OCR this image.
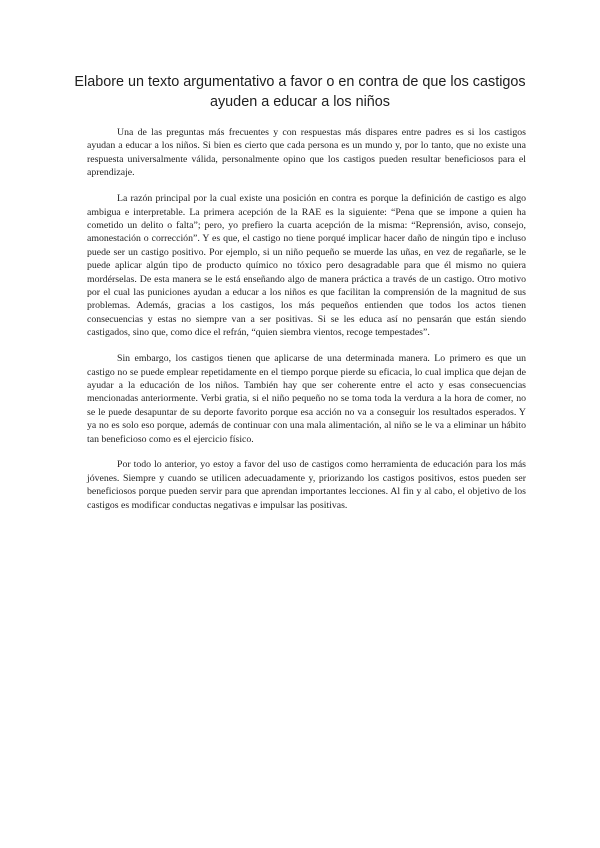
Elabore un texto argumentativo a favor o en contra de que los castigos ayuden a educar a los niños

Una de las preguntas más frecuentes y con respuestas más dispares entre padres es si los castigos ayudan a educar a los niños. Si bien es cierto que cada persona es un mundo y, por lo tanto, que no existe una respuesta universalmente válida, personalmente opino que los castigos pueden resultar beneficiosos para el aprendizaje.

La razón principal por la cual existe una posición en contra es porque la definición de castigo es algo ambigua e interpretable. La primera acepción de la RAE es la siguiente: “Pena que se impone a quien ha cometido un delito o falta”; pero, yo prefiero la cuarta acepción de la misma: “Reprensión, aviso, consejo, amonestación o corrección”. Y es que, el castigo no tiene porqué implicar hacer daño de ningún tipo e incluso puede ser un castigo positivo. Por ejemplo, si un niño pequeño se muerde las uñas, en vez de regañarle, se le puede aplicar algún tipo de producto químico no tóxico pero desagradable para que él mismo no quiera mordérselas. De esta manera se le está enseñando algo de manera práctica a través de un castigo. Otro motivo por el cual las puniciones ayudan a educar a los niños es que facilitan la comprensión de la magnitud de sus problemas. Además, gracias a los castigos, los más pequeños entienden que todos los actos tienen consecuencias y estas no siempre van a ser positivas. Si se les educa así no pensarán que están siendo castigados, sino que, como dice el refrán, “quien siembra vientos, recoge tempestades”.

Sin embargo, los castigos tienen que aplicarse de una determinada manera. Lo primero es que un castigo no se puede emplear repetidamente en el tiempo porque pierde su eficacia, lo cual implica que dejan de ayudar a la educación de los niños. También hay que ser coherente entre el acto y esas consecuencias mencionadas anteriormente. Verbi gratia, si el niño pequeño no se toma toda la verdura a la hora de comer, no se le puede desapuntar de su deporte favorito porque esa acción no va a conseguir los resultados esperados. Y ya no es solo eso porque, además de continuar con una mala alimentación, al niño se le va a eliminar un hábito tan beneficioso como es el ejercicio físico.

Por todo lo anterior, yo estoy a favor del uso de castigos como herramienta de educación para los más jóvenes. Siempre y cuando se utilicen adecuadamente y, priorizando los castigos positivos, estos pueden ser beneficiosos porque pueden servir para que aprendan importantes lecciones. Al fin y al cabo, el objetivo de los castigos es modificar conductas negativas e impulsar las positivas.
